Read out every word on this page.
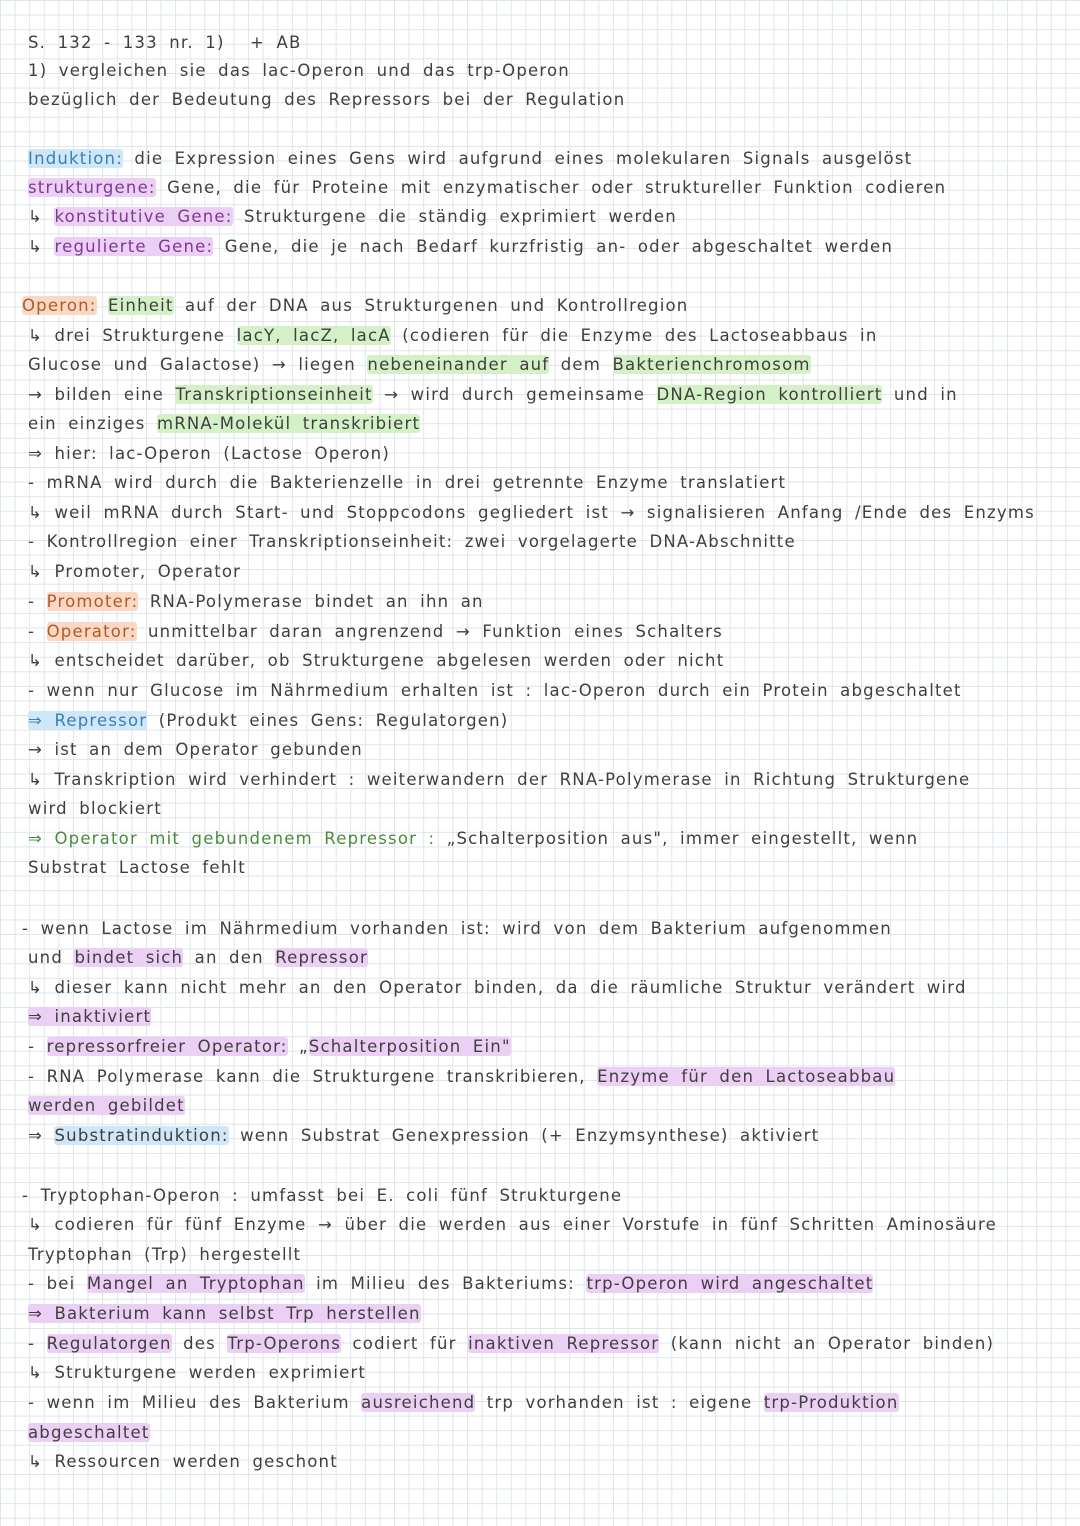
S. 132 - 133 nr. 1) + AB
1) vergleichen sie das lac-Operon und das trp-Operon
bezüglich der Bedeutung des Repressors bei der Regulation
Induktion: die Expression eines Gens wird aufgrund eines molekularen Signals ausgelöst
strukturgene: Gene, die für Proteine mit enzymatischer oder struktureller Funktion codieren
↳ konstitutive Gene: Strukturgene die ständig exprimiert werden
↳ regulierte Gene: Gene, die je nach Bedarf kurzfristig an- oder abgeschaltet werden
Operon: Einheit auf der DNA aus Strukturgenen und Kontrollregion
↳ drei Strukturgene lacY, lacZ, lacA (codieren für die Enzyme des Lactoseabbaus in
Glucose und Galactose) → liegen nebeneinander auf dem Bakterienchromosom
→ bilden eine Transkriptionseinheit → wird durch gemeinsame DNA-Region kontrolliert und in
ein einziges mRNA-Molekül transkribiert
⇒ hier: lac-Operon (Lactose Operon)
- mRNA wird durch die Bakterienzelle in drei getrennte Enzyme translatiert
↳ weil mRNA durch Start- und Stoppcodons gegliedert ist → signalisieren Anfang /Ende des Enzyms
- Kontrollregion einer Transkriptionseinheit: zwei vorgelagerte DNA-Abschnitte
↳ Promoter, Operator
- Promoter: RNA-Polymerase bindet an ihn an
- Operator: unmittelbar daran angrenzend → Funktion eines Schalters
↳ entscheidet darüber, ob Strukturgene abgelesen werden oder nicht
- wenn nur Glucose im Nährmedium erhalten ist : lac-Operon durch ein Protein abgeschaltet
⇒ Repressor (Produkt eines Gens: Regulatorgen)
→ ist an dem Operator gebunden
↳ Transkription wird verhindert : weiterwandern der RNA-Polymerase in Richtung Strukturgene
wird blockiert
⇒ Operator mit gebundenem Repressor : „Schalterposition aus", immer eingestellt, wenn
Substrat Lactose fehlt
- wenn Lactose im Nährmedium vorhanden ist: wird von dem Bakterium aufgenommen
und bindet sich an den Repressor
↳ dieser kann nicht mehr an den Operator binden, da die räumliche Struktur verändert wird
⇒ inaktiviert
- repressorfreier Operator: „Schalterposition Ein"
- RNA Polymerase kann die Strukturgene transkribieren, Enzyme für den Lactoseabbau
werden gebildet
⇒ Substratinduktion: wenn Substrat Genexpression (+ Enzymsynthese) aktiviert
- Tryptophan-Operon : umfasst bei E. coli fünf Strukturgene
↳ codieren für fünf Enzyme → über die werden aus einer Vorstufe in fünf Schritten Aminosäure
Tryptophan (Trp) hergestellt
- bei Mangel an Tryptophan im Milieu des Bakteriums: trp-Operon wird angeschaltet
⇒ Bakterium kann selbst Trp herstellen
- Regulatorgen des Trp-Operons codiert für inaktiven Repressor (kann nicht an Operator binden)
↳ Strukturgene werden exprimiert
- wenn im Milieu des Bakterium ausreichend trp vorhanden ist : eigene trp-Produktion
abgeschaltet
↳ Ressourcen werden geschont
